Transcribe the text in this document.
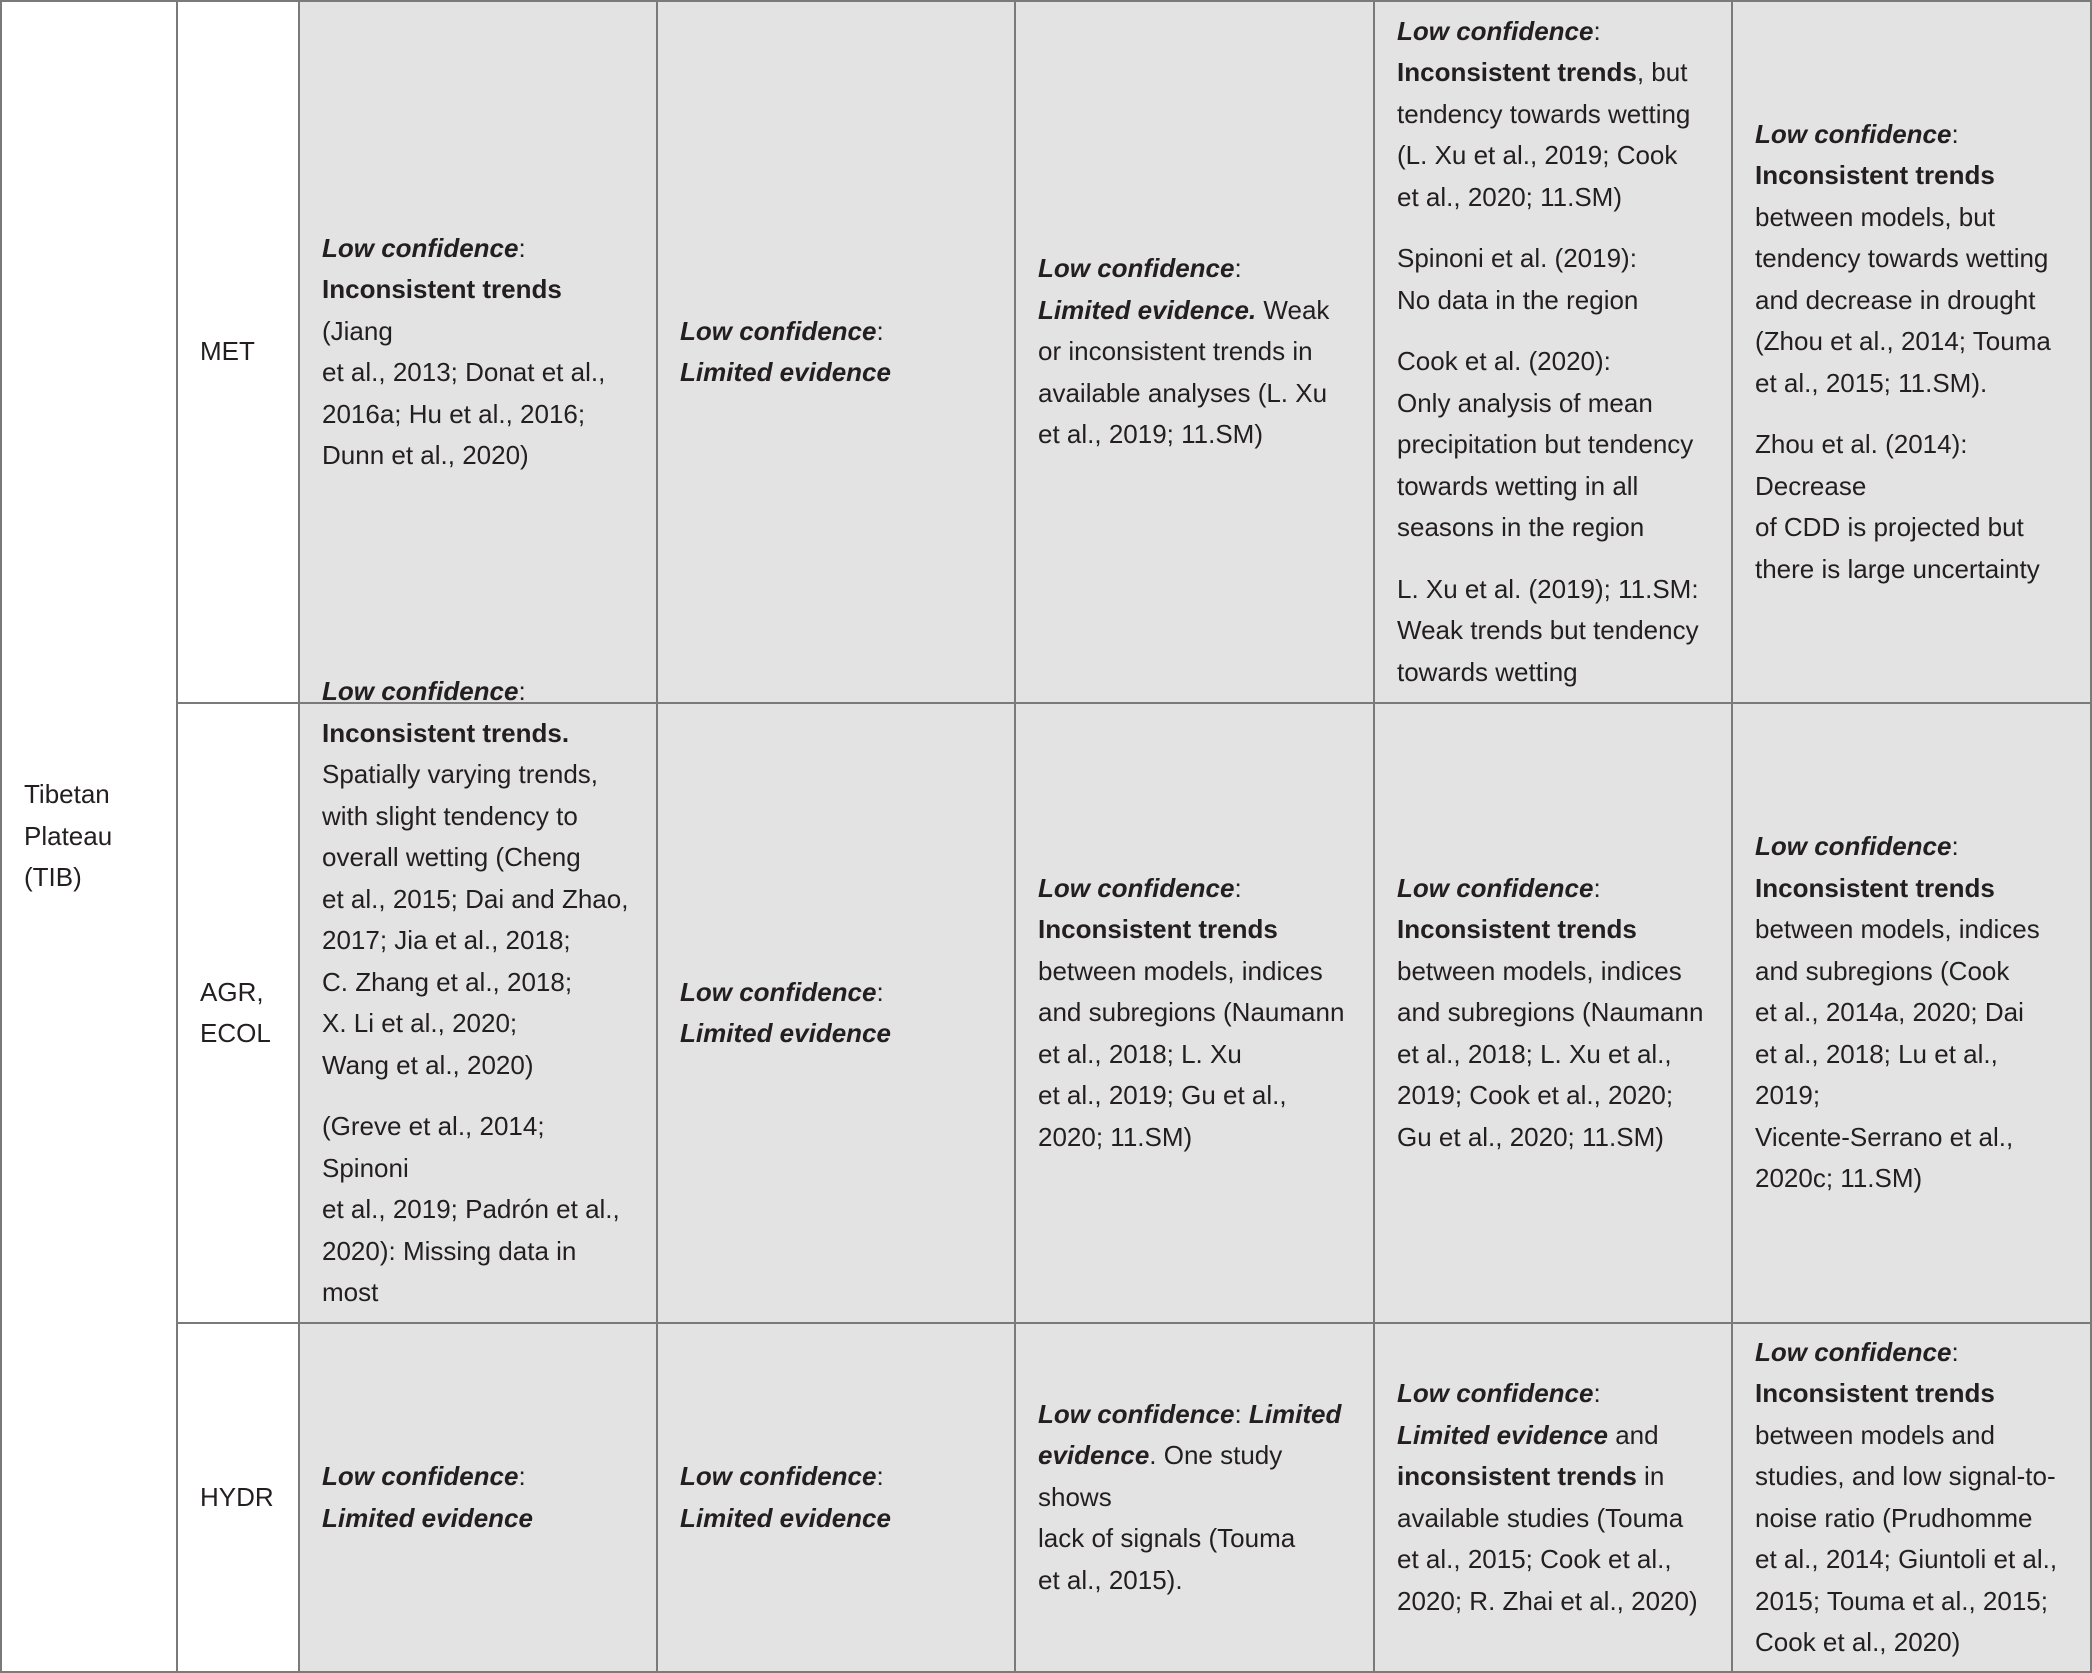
Tibetan
Plateau
(TIB)
MET
Low confidence:
Inconsistent trends (Jiang
et al., 2013; Donat et al.,
2016a; Hu et al., 2016;
Dunn et al., 2020)
Low confidence:
Limited evidence
Low confidence:
Limited evidence. Weak
or inconsistent trends in
available analyses (L. Xu
et al., 2019; 11.SM)
Low confidence:
Inconsistent trends, but
tendency towards wetting
(L. Xu et al., 2019; Cook
et al., 2020; 11.SM)
Spinoni et al. (2019):
No data in the region
Cook et al. (2020):
Only analysis of mean
precipitation but tendency
towards wetting in all
seasons in the region
L. Xu et al. (2019); 11.SM:
Weak trends but tendency
towards wetting
Low confidence:
Inconsistent trends
between models, but
tendency towards wetting
and decrease in drought
(Zhou et al., 2014; Touma
et al., 2015; 11.SM).
Zhou et al. (2014): Decrease
of CDD is projected but
there is large uncertainty
AGR,
ECOL
Low confidence:
Inconsistent trends.
Spatially varying trends,
with slight tendency to
overall wetting (Cheng
et al., 2015; Dai and Zhao,
2017; Jia et al., 2018;
C. Zhang et al., 2018;
X. Li et al., 2020;
Wang et al., 2020)
(Greve et al., 2014; Spinoni
et al., 2019; Padrón et al.,
2020): Missing data in most
Low confidence:
Limited evidence
Low confidence:
Inconsistent trends
between models, indices
and subregions (Naumann
et al., 2018; L. Xu
et al., 2019; Gu et al.,
2020; 11.SM)
Low confidence:
Inconsistent trends
between models, indices
and subregions (Naumann
et al., 2018; L. Xu et al.,
2019; Cook et al., 2020;
Gu et al., 2020; 11.SM)
Low confidence:
Inconsistent trends
between models, indices
and subregions (Cook
et al., 2014a, 2020; Dai
et al., 2018; Lu et al., 2019;
Vicente-Serrano et al.,
2020c; 11.SM)
HYDR
Low confidence:
Limited evidence
Low confidence:
Limited evidence
Low confidence: Limited
evidence. One study shows
lack of signals (Touma
et al., 2015).
Low confidence:
Limited evidence and
inconsistent trends in
available studies (Touma
et al., 2015; Cook et al.,
2020; R. Zhai et al., 2020)
Low confidence:
Inconsistent trends
between models and
studies, and low signal-to-
noise ratio (Prudhomme
et al., 2014; Giuntoli et al.,
2015; Touma et al., 2015;
Cook et al., 2020)
